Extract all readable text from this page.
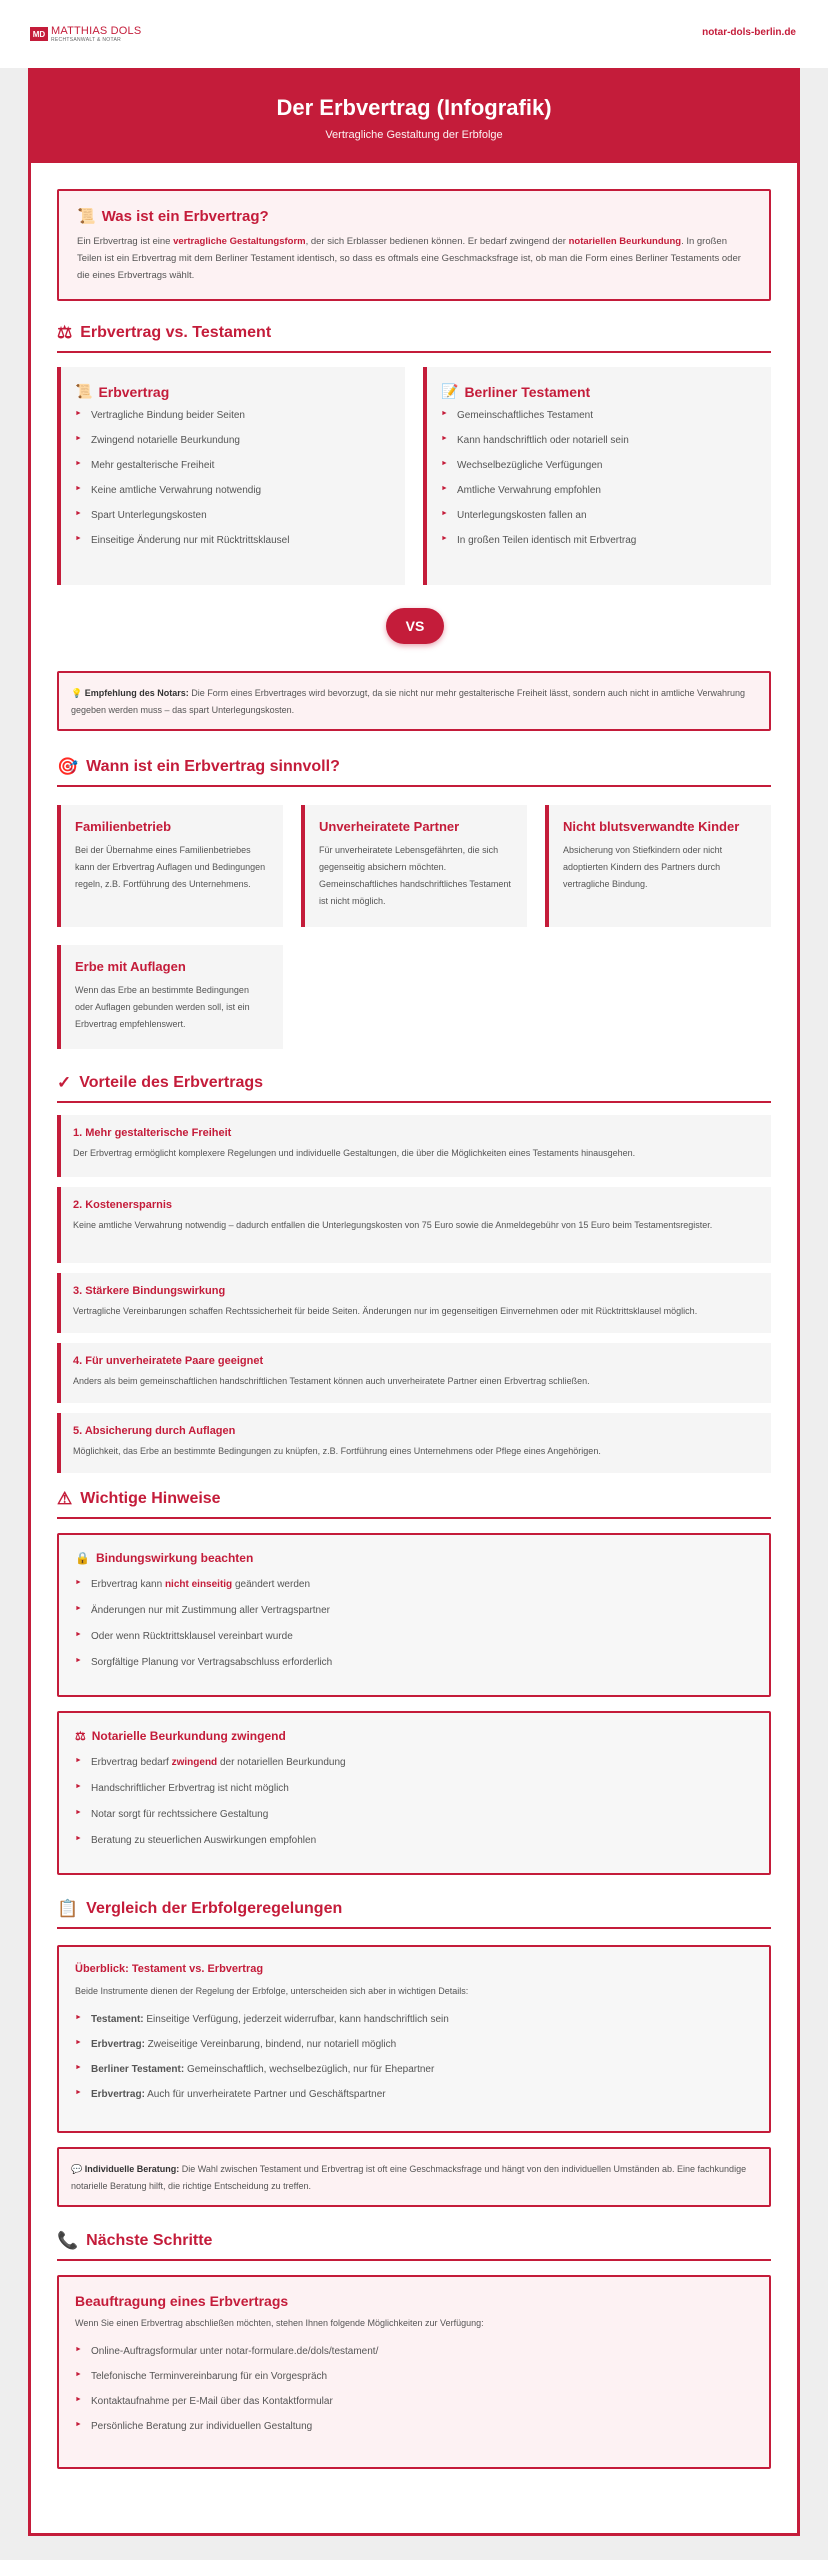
MD MATTHIAS DOLS
RECHTSANWALT & NOTAR
notar-dols-berlin.de
Der Erbvertrag (Infografik)
Vertragliche Gestaltung der Erbfolge
📜 Was ist ein Erbvertrag?
Ein Erbvertrag ist eine vertragliche Gestaltungsform, der sich Erblasser bedienen können. Er bedarf zwingend der notariellen Beurkundung. In großen Teilen ist ein Erbvertrag mit dem Berliner Testament identisch, so dass es oftmals eine Geschmacksfrage ist, ob man die Form eines Berliner Testaments oder die eines Erbvertrags wählt.
⚖ Erbvertrag vs. Testament
📜 Erbvertrag
► Vertragliche Bindung beider Seiten
► Zwingend notarielle Beurkundung
► Mehr gestalterische Freiheit
► Keine amtliche Verwahrung notwendig
► Spart Unterlegungskosten
► Einseitige Änderung nur mit Rücktrittsklausel
📝 Berliner Testament
► Gemeinschaftliches Testament
► Kann handschriftlich oder notariell sein
► Wechselbezügliche Verfügungen
► Amtliche Verwahrung empfohlen
► Unterlegungskosten fallen an
► In großen Teilen identisch mit Erbvertrag
VS
💡 Empfehlung des Notars: Die Form eines Erbvertrages wird bevorzugt, da sie nicht nur mehr gestalterische Freiheit lässt, sondern auch nicht in amtliche Verwahrung gegeben werden muss – das spart Unterlegungskosten.
🎯 Wann ist ein Erbvertrag sinnvoll?
Familienbetrieb
Bei der Übernahme eines Familienbetriebes kann der Erbvertrag Auflagen und Bedingungen regeln, z.B. Fortführung des Unternehmens.
Unverheiratete Partner
Für unverheiratete Lebensgefährten, die sich gegenseitig absichern möchten. Gemeinschaftliches handschriftliches Testament ist nicht möglich.
Nicht blutsverwandte Kinder
Absicherung von Stiefkindern oder nicht adoptierten Kindern des Partners durch vertragliche Bindung.
Erbe mit Auflagen
Wenn das Erbe an bestimmte Bedingungen oder Auflagen gebunden werden soll, ist ein Erbvertrag empfehlenswert.
✓ Vorteile des Erbvertrags
1. Mehr gestalterische Freiheit
Der Erbvertrag ermöglicht komplexere Regelungen und individuelle Gestaltungen, die über die Möglichkeiten eines Testaments hinausgehen.
2. Kostenersparnis
Keine amtliche Verwahrung notwendig – dadurch entfallen die Unterlegungskosten von 75 Euro sowie die Anmeldegebühr von 15 Euro beim Testamentsregister.
3. Stärkere Bindungswirkung
Vertragliche Vereinbarungen schaffen Rechtssicherheit für beide Seiten. Änderungen nur im gegenseitigen Einvernehmen oder mit Rücktrittsklausel möglich.
4. Für unverheiratete Paare geeignet
Anders als beim gemeinschaftlichen handschriftlichen Testament können auch unverheiratete Partner einen Erbvertrag schließen.
5. Absicherung durch Auflagen
Möglichkeit, das Erbe an bestimmte Bedingungen zu knüpfen, z.B. Fortführung eines Unternehmens oder Pflege eines Angehörigen.
⚠ Wichtige Hinweise
🔒 Bindungswirkung beachten
► Erbvertrag kann nicht einseitig geändert werden
► Änderungen nur mit Zustimmung aller Vertragspartner
► Oder wenn Rücktrittsklausel vereinbart wurde
► Sorgfältige Planung vor Vertragsabschluss erforderlich
⚖ Notarielle Beurkundung zwingend
► Erbvertrag bedarf zwingend der notariellen Beurkundung
► Handschriftlicher Erbvertrag ist nicht möglich
► Notar sorgt für rechtssichere Gestaltung
► Beratung zu steuerlichen Auswirkungen empfohlen
📋 Vergleich der Erbfolgeregelungen
Überblick: Testament vs. Erbvertrag
Beide Instrumente dienen der Regelung der Erbfolge, unterscheiden sich aber in wichtigen Details:
► Testament: Einseitige Verfügung, jederzeit widerrufbar, kann handschriftlich sein
► Erbvertrag: Zweiseitige Vereinbarung, bindend, nur notariell möglich
► Berliner Testament: Gemeinschaftlich, wechselbezüglich, nur für Ehepartner
► Erbvertrag: Auch für unverheiratete Partner und Geschäftspartner
💬 Individuelle Beratung: Die Wahl zwischen Testament und Erbvertrag ist oft eine Geschmacksfrage und hängt von den individuellen Umständen ab. Eine fachkundige notarielle Beratung hilft, die richtige Entscheidung zu treffen.
📞 Nächste Schritte
Beauftragung eines Erbvertrags
Wenn Sie einen Erbvertrag abschließen möchten, stehen Ihnen folgende Möglichkeiten zur Verfügung:
► Online-Auftragsformular unter notar-formulare.de/dols/testament/
► Telefonische Terminvereinbarung für ein Vorgespräch
► Kontaktaufnahme per E-Mail über das Kontaktformular
► Persönliche Beratung zur individuellen Gestaltung
